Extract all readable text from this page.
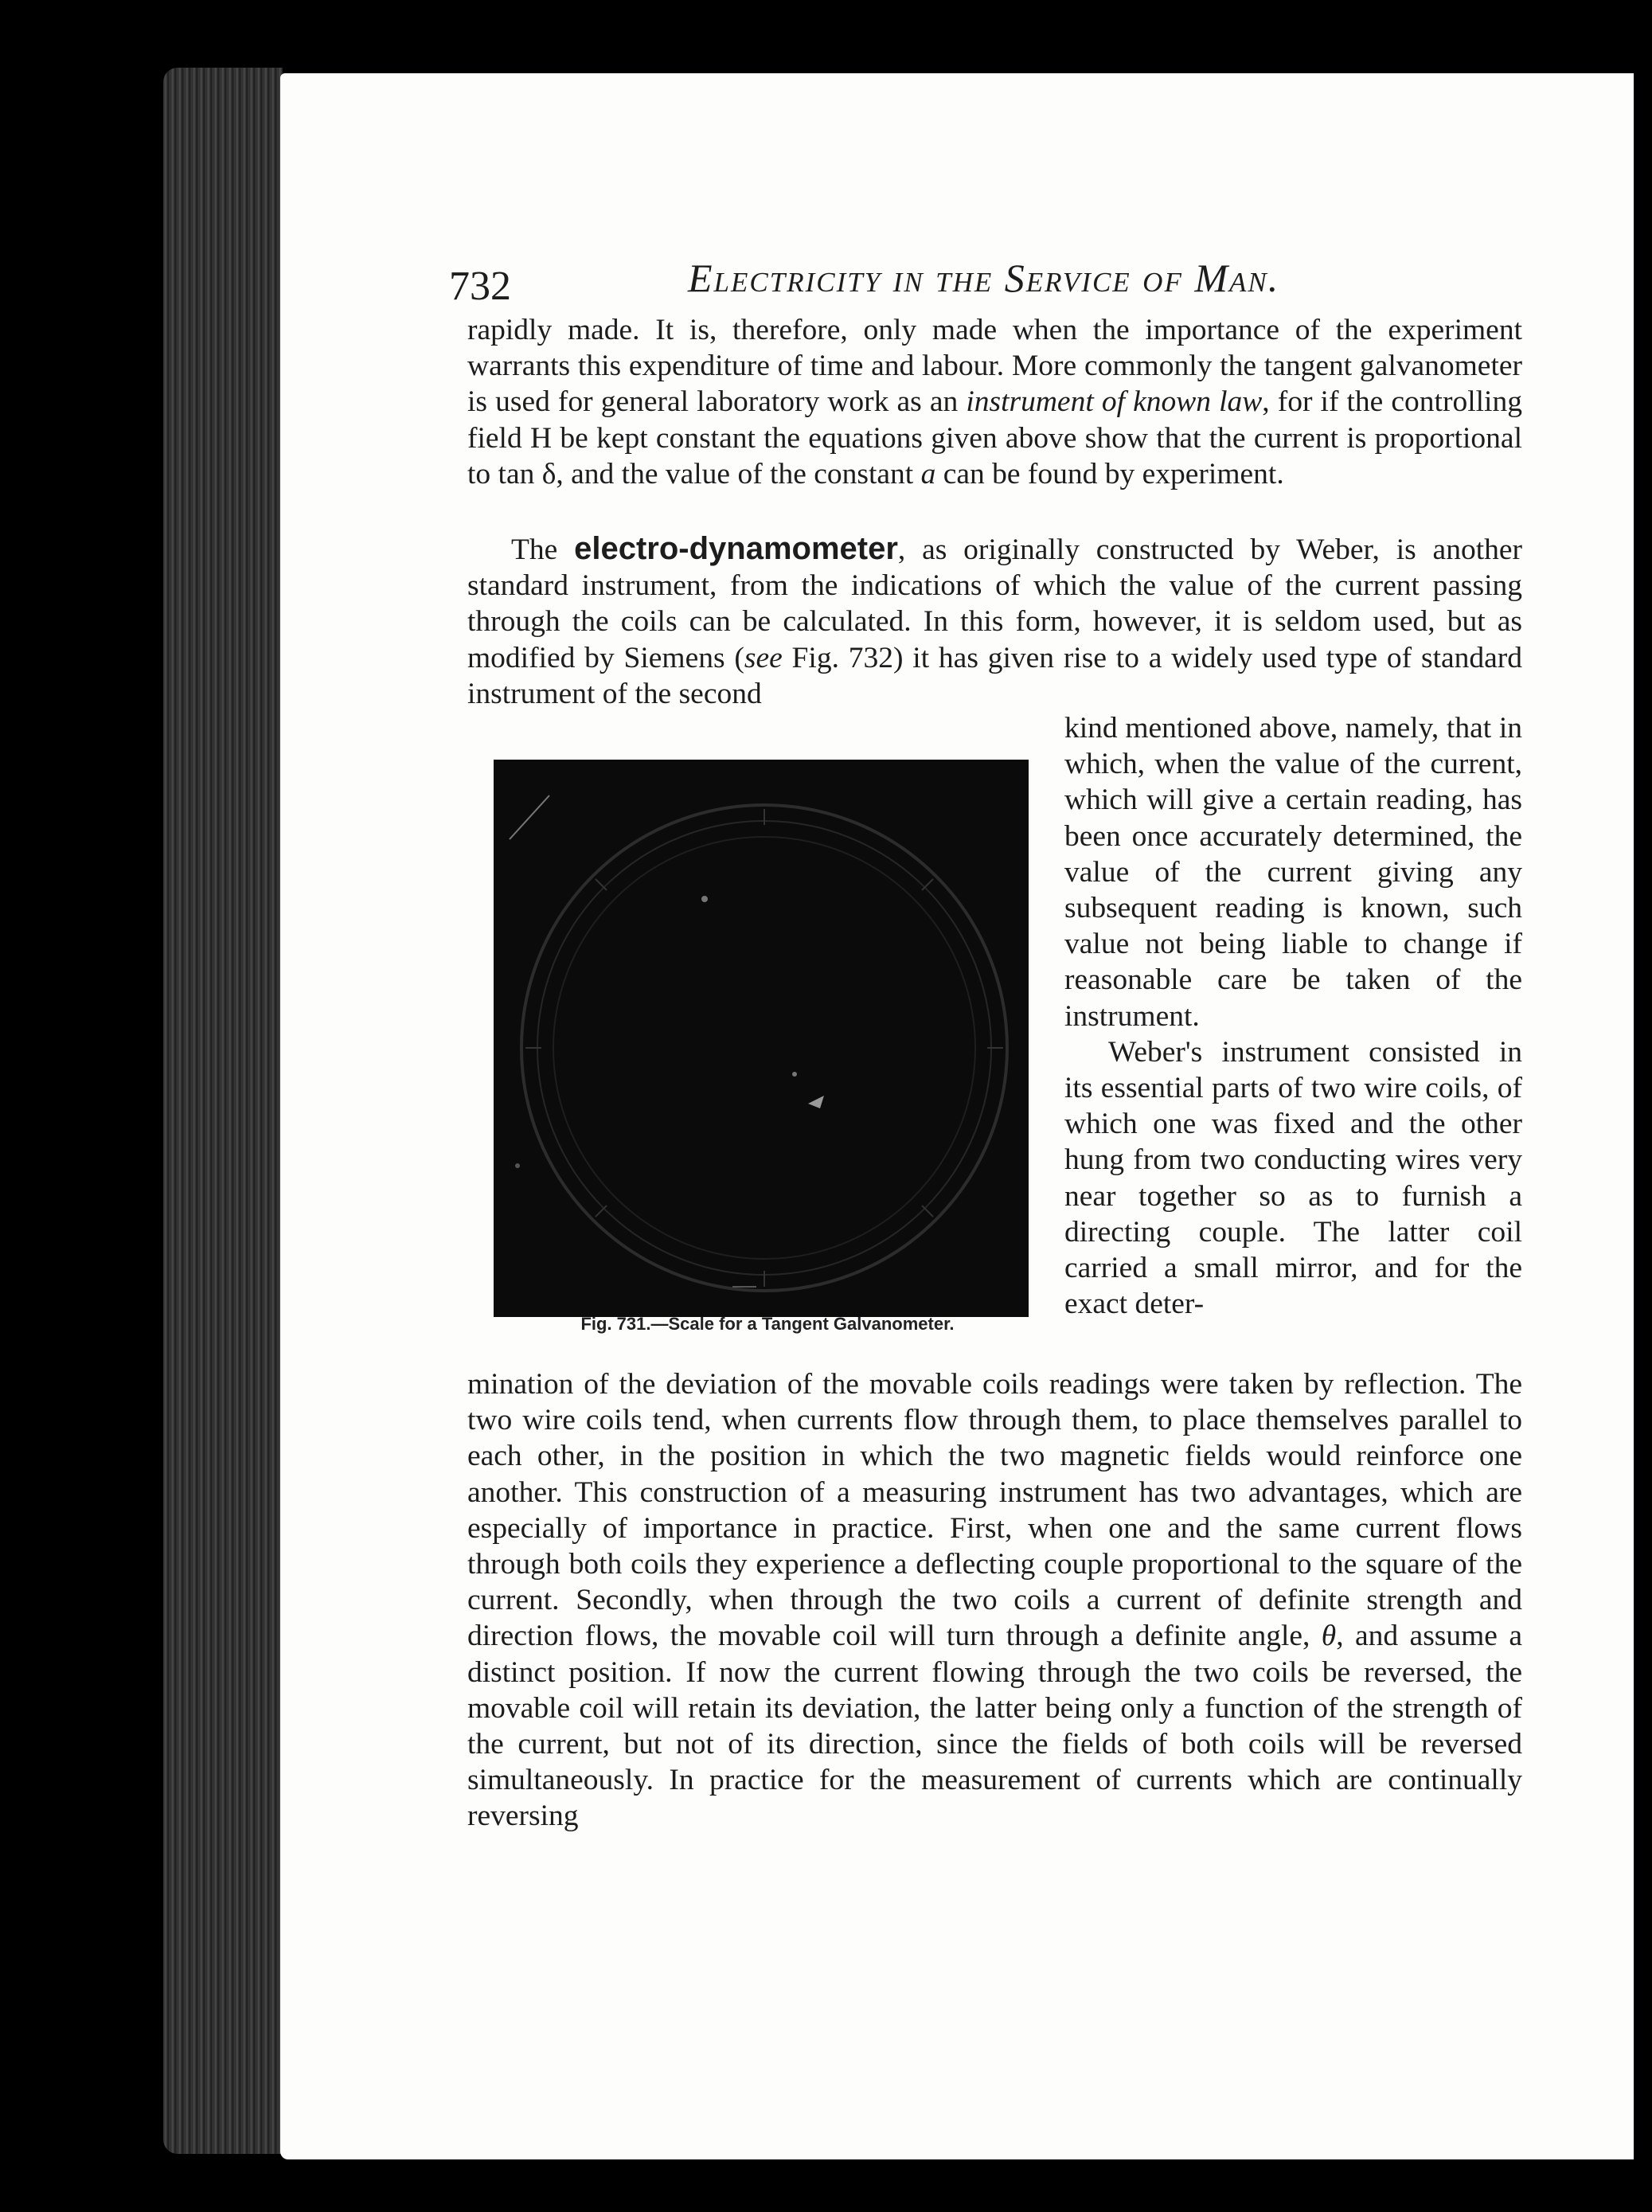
732	Electricity in the Service of Man.

rapidly made. It is, therefore, only made when the importance of the experiment warrants this expenditure of time and labour. More commonly the tangent galvanometer is used for general laboratory work as an instrument of known law, for if the controlling field H be kept constant the equations given above show that the current is proportional to tan δ, and the value of the constant a can be found by experiment.

The electro-dynamometer, as originally constructed by Weber, is another standard instrument, from the indications of which the value of the current passing through the coils can be calculated. In this form, however, it is seldom used, but as modified by Siemens (see Fig. 732) it has given rise to a widely used type of standard instrument of the second

kind mentioned above, namely, that in which, when the value of the current, which will give a certain reading, has been once accurately determined, the value of the current giving any subsequent reading is known, such value not being liable to change if reasonable care be taken of the instrument.

Weber's instrument consisted in its essential parts of two wire coils, of which one was fixed and the other hung from two conducting wires very near together so as to furnish a directing couple. The latter coil carried a small mirror, and for the exact deter-

Fig. 731.—Scale for a Tangent Galvanometer.

mination of the deviation of the movable coils readings were taken by reflection. The two wire coils tend, when currents flow through them, to place themselves parallel to each other, in the position in which the two magnetic fields would reinforce one another. This construction of a measuring instrument has two advantages, which are especially of importance in practice. First, when one and the same current flows through both coils they experience a deflecting couple proportional to the square of the current. Secondly, when through the two coils a current of definite strength and direction flows, the movable coil will turn through a definite angle, θ, and assume a distinct position. If now the current flowing through the two coils be reversed, the movable coil will retain its deviation, the latter being only a function of the strength of the current, but not of its direction, since the fields of both coils will be reversed simultaneously. In practice for the measurement of currents which are continually reversing
